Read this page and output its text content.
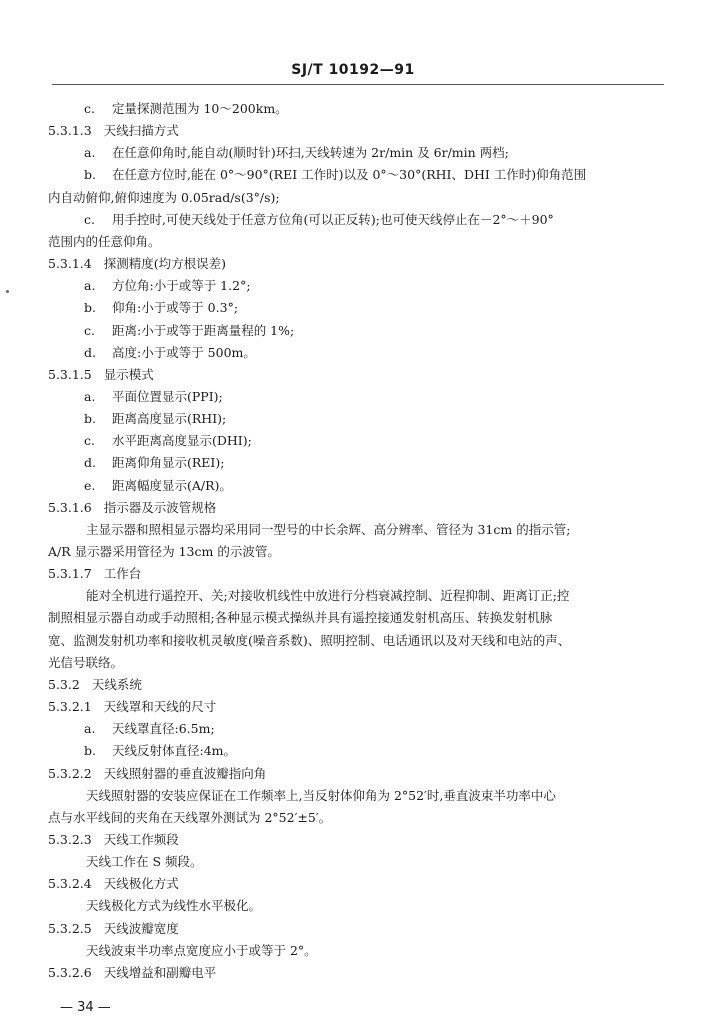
SJ/T 10192—91
c. 定量探测范围为 10～200km。
5.3.1.3 天线扫描方式
a. 在任意仰角时,能自动(顺时针)环扫,天线转速为 2r/min 及 6r/min 两档;
b. 在任意方位时,能在 0°～90°(REI 工作时)以及 0°～30°(RHI、DHI 工作时)仰角范围
内自动俯仰,俯仰速度为 0.05rad/s(3°/s);
c. 用手控时,可使天线处于任意方位角(可以正反转);也可使天线停止在－2°～＋90°
范围内的任意仰角。
5.3.1.4 探测精度(均方根误差)
a. 方位角:小于或等于 1.2°;
b. 仰角:小于或等于 0.3°;
c. 距离:小于或等于距离量程的 1%;
d. 高度:小于或等于 500m。
5.3.1.5 显示模式
a. 平面位置显示(PPI);
b. 距离高度显示(RHI);
c. 水平距离高度显示(DHI);
d. 距离仰角显示(REI);
e. 距离幅度显示(A/R)。
5.3.1.6 指示器及示波管规格
主显示器和照相显示器均采用同一型号的中长余辉、高分辨率、管径为 31cm 的指示管;
A/R 显示器采用管径为 13cm 的示波管。
5.3.1.7 工作台
能对全机进行遥控开、关;对接收机线性中放进行分档衰减控制、近程抑制、距离订正;控
制照相显示器自动或手动照相;各种显示模式操纵并具有遥控接通发射机高压、转换发射机脉
宽、监测发射机功率和接收机灵敏度(噪音系数)、照明控制、电话通讯以及对天线和电站的声、
光信号联络。
5.3.2 天线系统
5.3.2.1 天线罩和天线的尺寸
a. 天线罩直径:6.5m;
b. 天线反射体直径:4m。
5.3.2.2 天线照射器的垂直波瓣指向角
天线照射器的安装应保证在工作频率上,当反射体仰角为 2°52′时,垂直波束半功率中心
点与水平线间的夹角在天线罩外测试为 2°52′±5′。
5.3.2.3 天线工作频段
天线工作在 S 频段。
5.3.2.4 天线极化方式
天线极化方式为线性水平极化。
5.3.2.5 天线波瓣宽度
天线波束半功率点宽度应小于或等于 2°。
5.3.2.6 天线增益和副瓣电平
— 34 —
